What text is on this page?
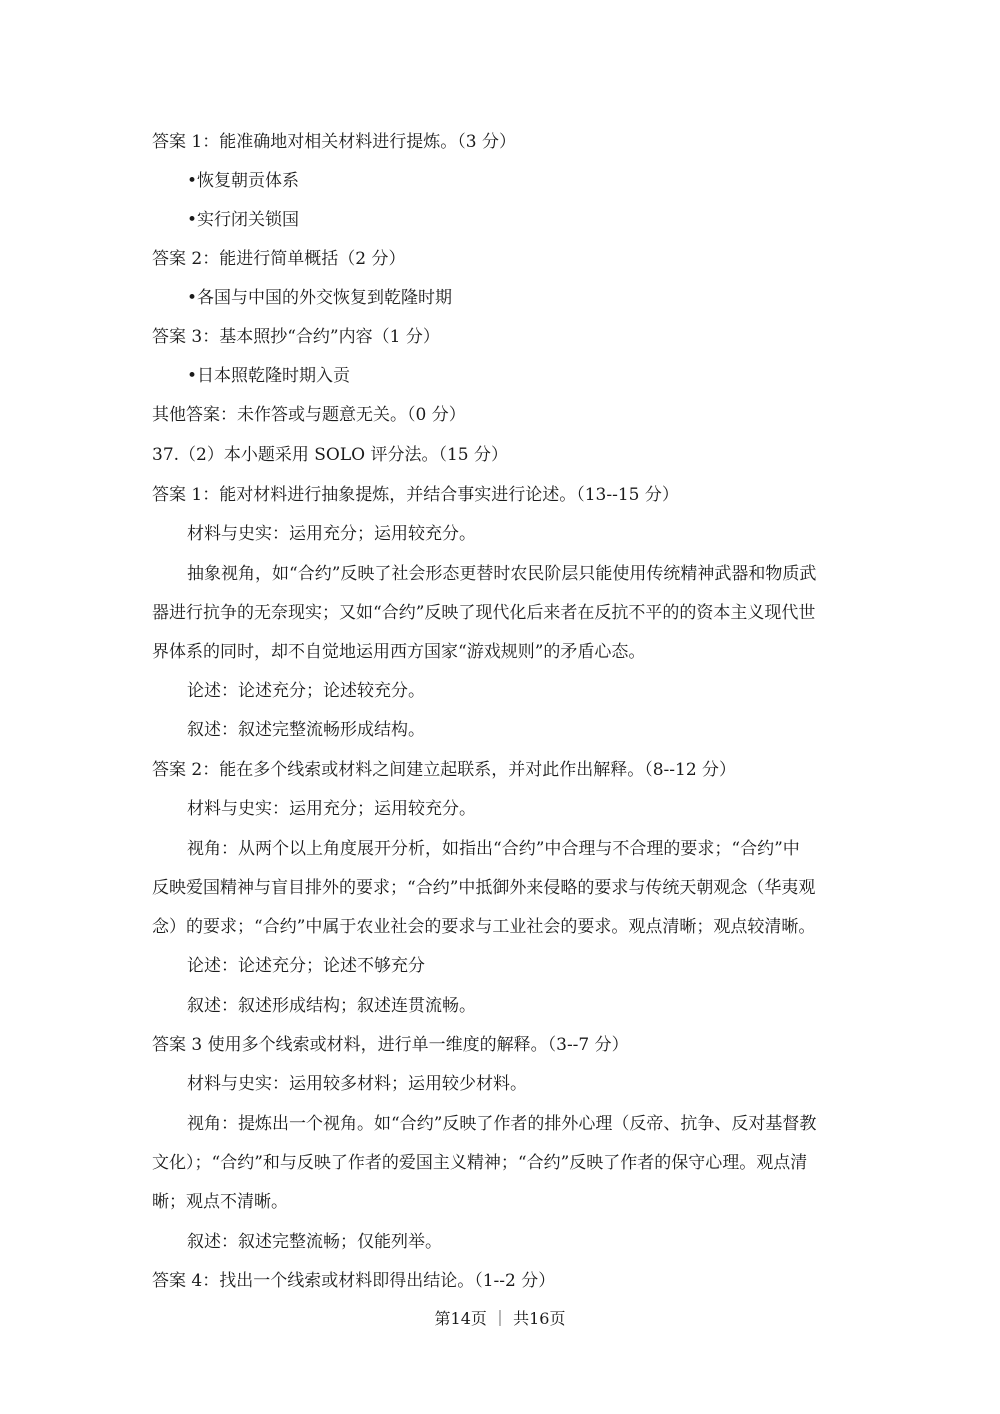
答案 1：能准确地对相关材料进行提炼。（3 分）
•恢复朝贡体系
•实行闭关锁国
答案 2：能进行简单概括（2 分）
•各国与中国的外交恢复到乾隆时期
答案 3：基本照抄“合约”内容（1 分）
•日本照乾隆时期入贡
其他答案：未作答或与题意无关。（0 分）
37.（2）本小题采用 SOLO 评分法。（15 分）
答案 1：能对材料进行抽象提炼，并结合事实进行论述。（13--15 分）
材料与史实：运用充分；运用较充分。
抽象视角，如“合约”反映了社会形态更替时农民阶层只能使用传统精神武器和物质武
器进行抗争的无奈现实；又如“合约”反映了现代化后来者在反抗不平的的资本主义现代世
界体系的同时，却不自觉地运用西方国家“游戏规则”的矛盾心态。
论述：论述充分；论述较充分。
叙述：叙述完整流畅形成结构。
答案 2：能在多个线索或材料之间建立起联系，并对此作出解释。（8--12 分）
材料与史实：运用充分；运用较充分。
视角：从两个以上角度展开分析，如指出“合约”中合理与不合理的要求；“合约”中
反映爱国精神与盲目排外的要求；“合约”中抵御外来侵略的要求与传统天朝观念（华夷观
念）的要求；“合约”中属于农业社会的要求与工业社会的要求。观点清晰；观点较清晰。
论述：论述充分；论述不够充分
叙述：叙述形成结构；叙述连贯流畅。
答案 3 使用多个线索或材料，进行单一维度的解释。（3--7 分）
材料与史实：运用较多材料；运用较少材料。
视角：提炼出一个视角。如“合约”反映了作者的排外心理（反帝、抗争、反对基督教
文化）；“合约”和与反映了作者的爱国主义精神；“合约”反映了作者的保守心理。观点清
晰；观点不清晰。
叙述：叙述完整流畅；仅能列举。
答案 4：找出一个线索或材料即得出结论。（1--2 分）
第14页 ｜ 共16页
